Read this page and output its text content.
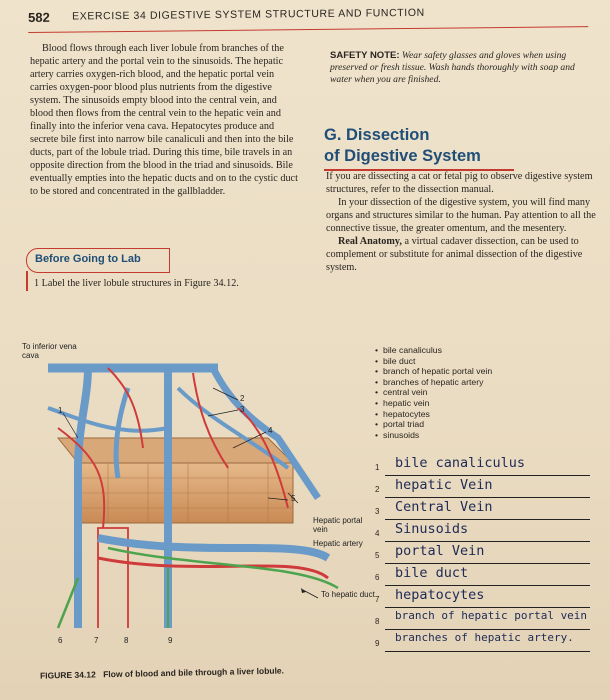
582 EXERCISE 34 DIGESTIVE SYSTEM STRUCTURE AND FUNCTION

Blood flows through each liver lobule from branches of the hepatic artery and the portal vein to the sinusoids. The hepatic artery carries oxygen-rich blood, and the hepatic portal vein carries oxygen-poor blood plus nutrients from the digestive system. The sinusoids empty blood into the central vein, and blood then flows from the central vein to the hepatic vein and finally into the inferior vena cava. Hepatocytes produce and secrete bile first into narrow bile canaliculi and then into the bile ducts, part of the lobule triad. During this time, bile travels in an opposite direction from the blood in the triad and sinusoids. Bile eventually empties into the hepatic ducts and on to the cystic duct to be stored and concentrated in the gallbladder.

SAFETY NOTE: Wear safety glasses and gloves when using preserved or fresh tissue. Wash hands thoroughly with soap and water when you are finished.
G. Dissection
of Digestive System

If you are dissecting a cat or fetal pig to observe digestive system structures, refer to the dissection manual.

In your dissection of the digestive system, you will find many organs and structures similar to the human. Pay attention to all the connective tissue, the greater omentum, and the mesentery.

Real Anatomy, a virtual cadaver dissection, can be used to complement or substitute for animal dissection of the digestive system.

Before Going to Lab
1 Label the liver lobule structures in Figure 34.12.
To inferior vena cava
Hepatic portal vein
Hepatic artery
To hepatic duct
2
3
1
4
5
6	7	8	9
• bile canaliculus
• bile duct
• branch of hepatic portal vein
• branches of hepatic artery
• central vein
• hepatic vein
• hepatocytes
• portal triad
• sinusoids
1 bile canaliculus
2 hepatic Vein
3 Central Vein
4 Sinusoids
5 portal Vein
6 bile duct
7 hepatocytes
8 branch of hepatic portal vein
9 branches of hepatic artery.
FIGURE 34.12 Flow of blood and bile through a liver lobule.
